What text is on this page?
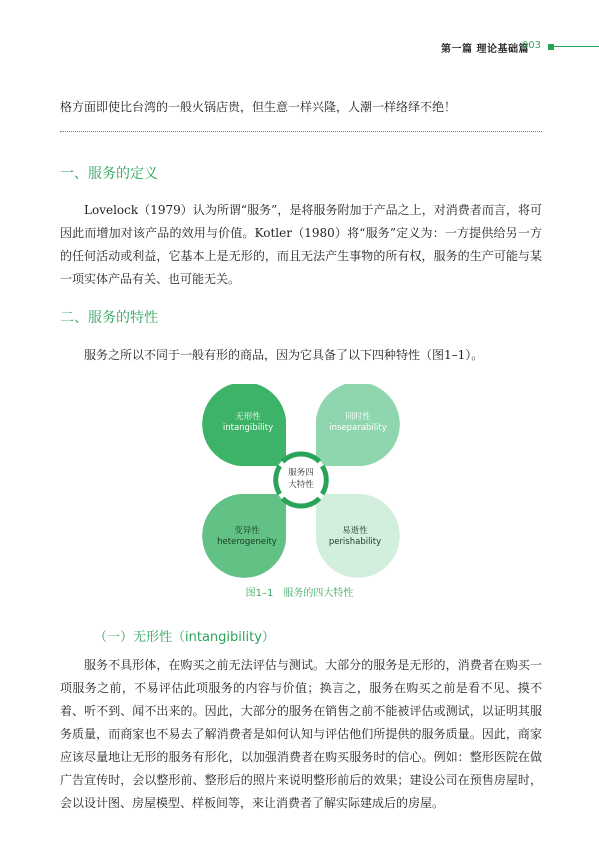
第一篇 理论基础篇
003
格方面即使比台湾的一般火锅店贵，但生意一样兴隆，人潮一样络绎不绝！
一、服务的定义
Lovelock（1979）认为所谓“服务”，是将服务附加于产品之上，对消费者而言，将可因此而增加对该产品的效用与价值。Kotler（1980）将“服务”定义为：一方提供给另一方的任何活动或利益，它基本上是无形的，而且无法产生事物的所有权，服务的生产可能与某一项实体产品有关、也可能无关。
二、服务的特性
服务之所以不同于一般有形的商品，因为它具备了以下四种特性（图1–1）。
服务四
大特性
无形性
intangibility
同时性
inseparability
变异性
heterogeneity
易逝性
perishability
图1–1　服务的四大特性
（一）无形性（intangibility）
服务不具形体，在购买之前无法评估与测试。大部分的服务是无形的，消费者在购买一项服务之前，不易评估此项服务的内容与价值；换言之，服务在购买之前是看不见、摸不着、听不到、闻不出来的。因此，大部分的服务在销售之前不能被评估或测试，以证明其服务质量，而商家也不易去了解消费者是如何认知与评估他们所提供的服务质量。因此，商家应该尽量地让无形的服务有形化，以加强消费者在购买服务时的信心。例如：整形医院在做广告宣传时，会以整形前、整形后的照片来说明整形前后的效果；建设公司在预售房屋时，会以设计图、房屋模型、样板间等，来让消费者了解实际建成后的房屋。
